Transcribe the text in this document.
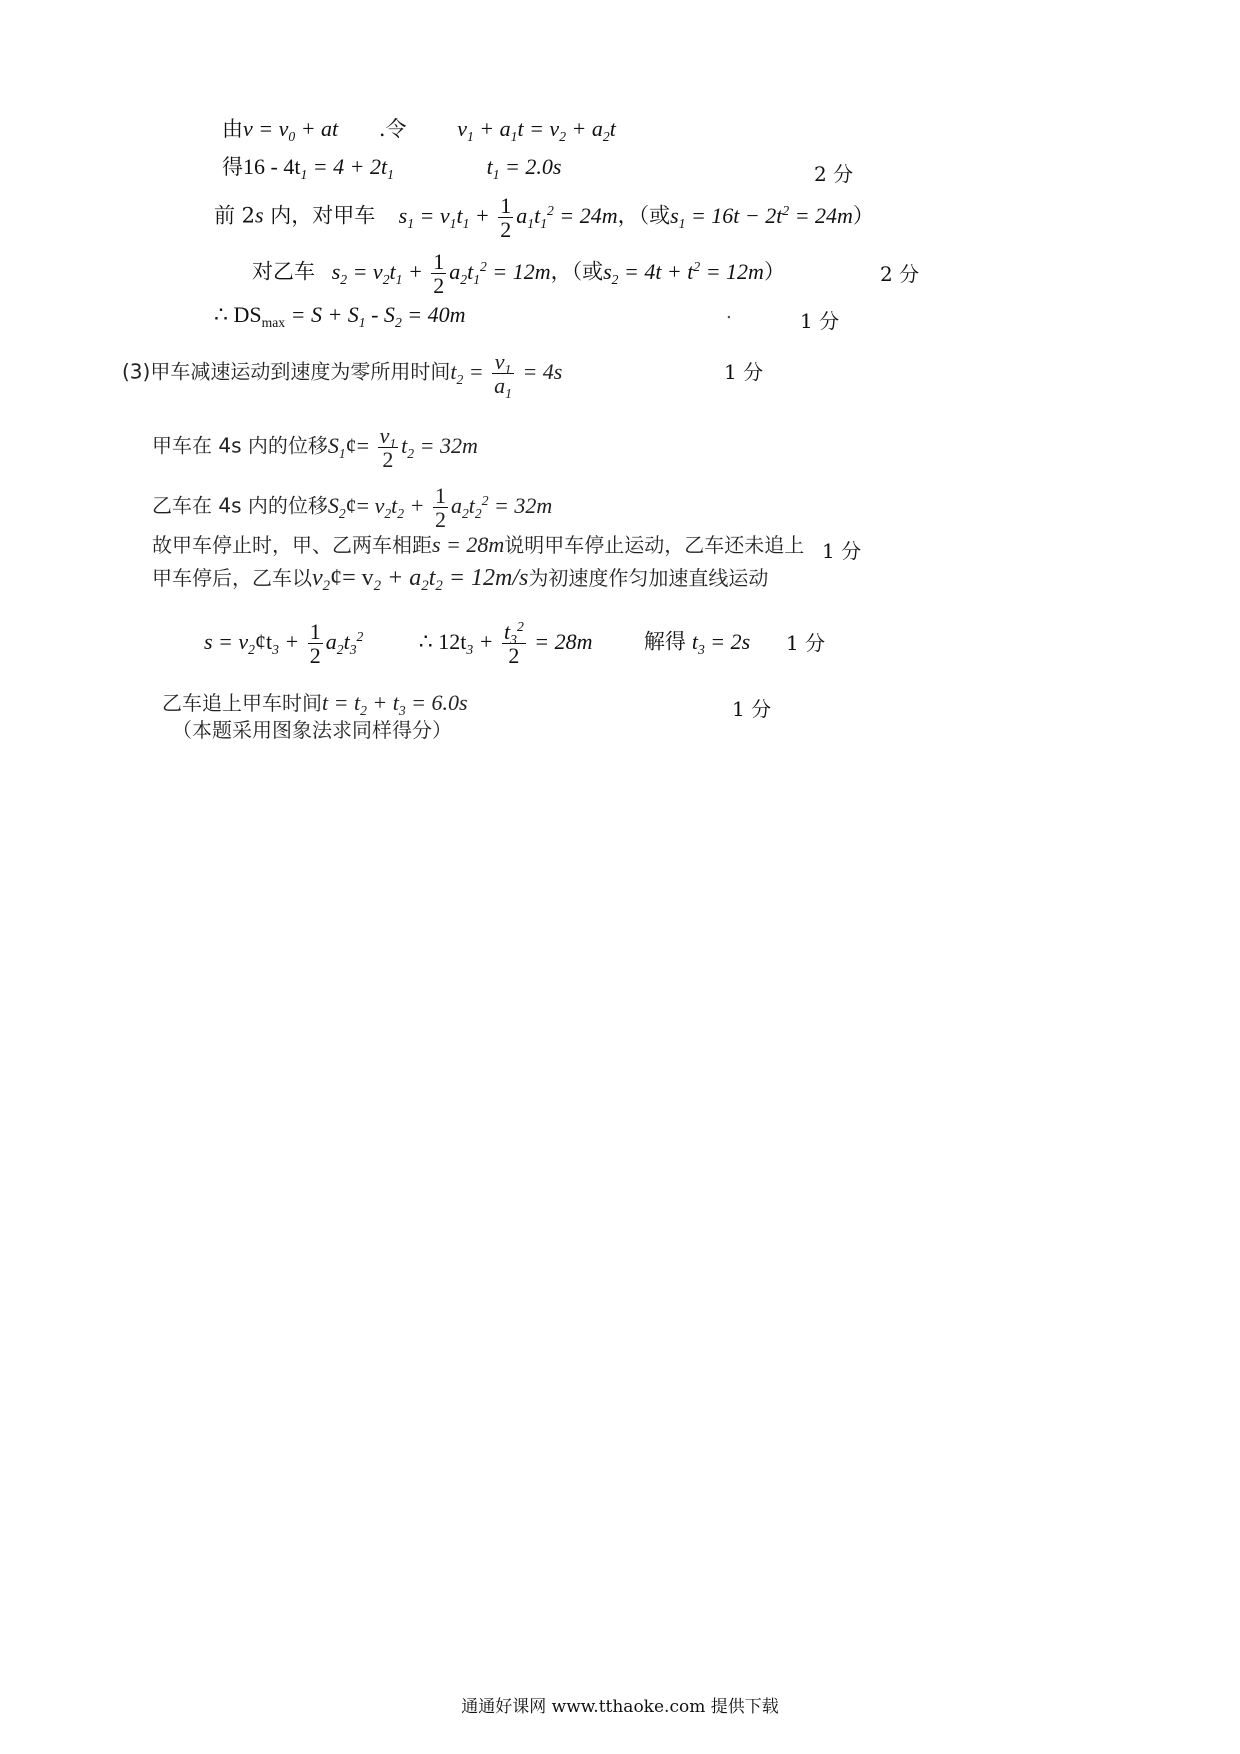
由$v = v_0$ + at .令 $v_1 + a_1t = v_2 + a_2t$
得$16 - 4t_1 = 4 + 2t_1$	$t_1 = 2.0s$	2 分
前 2s 内，对甲车 $s_1 = v_1t_1 + \frac{1}{2} a_1t_1^2 = 24m$，（或$s_1 = 16t - 2t^2 = 24m$）
对乙车 $s_2 = v_2t_1 + \frac{1}{2} a_2t_1^2 = 12m$，（或$s_2 = 4t + t^2 = 12m$）	2 分
∴ $DS_{max} = S + S_1 - S_2 = 40m$	.	1 分
(3)甲车减速运动到速度为零所用时间$t_2 = \frac{v_1}{a_1} = 4s$	1 分
甲车在 4s 内的位移$S_1¢= \frac{v_1}{2} t_2 = 32m$
乙车在 4s 内的位移$S_2¢= v_2t_2 + \frac{1}{2} a_2t_2^2 = 32m$
故甲车停止时，甲、乙两车相距s = 28m说明甲车停止运动，乙车还未追上 1 分
甲车停后，乙车以$v_2¢= v_2 + a_2t_2 = 12m/s$为初速度作匀加速直线运动
$s = v_2¢t_3 + \frac{1}{2} a_2t_3^2$	∴ $12t_3 + \frac{t_3^2}{2} = 28m$ 解得 $t_3 = 2s$ 1 分
乙车追上甲车时间$t = t_2 + t_3 = 6.0s$	1 分
（本题采用图象法求同样得分）
通通好课网 www.tthaoke.com 提供下载
